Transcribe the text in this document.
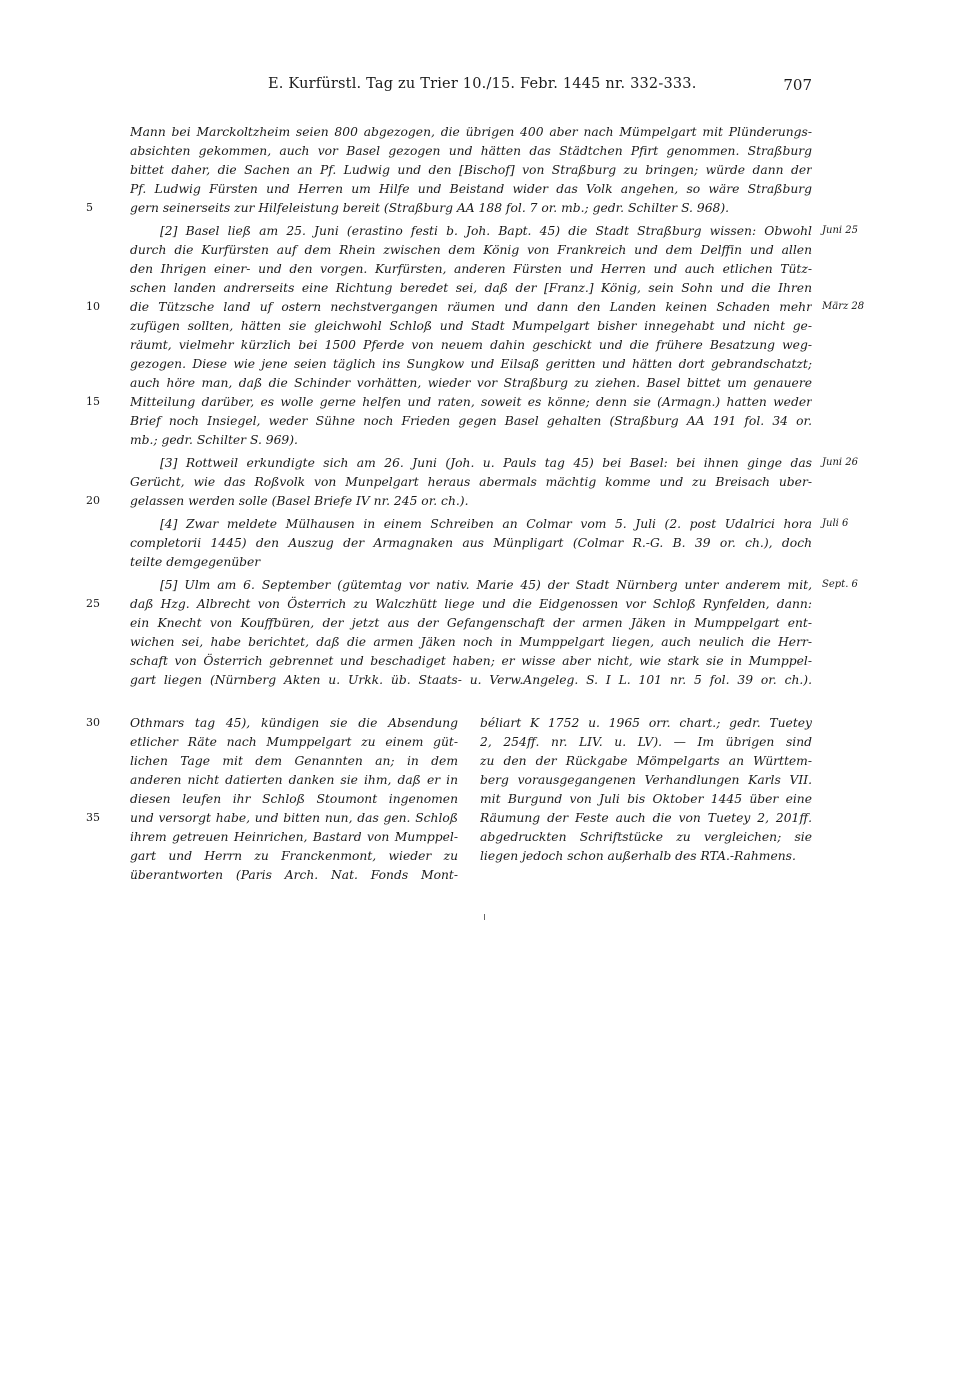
E. Kurfürstl. Tag zu Trier 10./15. Febr. 1445 nr. 332-333.	707
Mann bei Marckoltzheim seien 800 abgezogen, die übrigen 400 aber nach Mümpelgart mit Plünderungs-
absichten gekommen, auch vor Basel gezogen und hätten das Städtchen Pfirt genommen. Straßburg
bittet daher, die Sachen an Pf. Ludwig und den [Bischof] von Straßburg zu bringen; würde dann der
Pf. Ludwig Fürsten und Herren um Hilfe und Beistand wider das Volk angehen, so wäre Straßburg
gern seinerseits zur Hilfeleistung bereit (Straßburg AA 188 fol. 7 or. mb.; gedr. Schilter S. 968).
[2] Basel ließ am 25. Juni (erastino festi b. Joh. Bapt. 45) die Stadt Straßburg wissen: Obwohl
durch die Kurfürsten auf dem Rhein zwischen dem König von Frankreich und dem Delffin und allen
den Ihrigen einer- und den vorgen. Kurfürsten, anderen Fürsten und Herren und auch etlichen Tütz-
schen landen andrerseits eine Richtung beredet sei, daß der [Franz.] König, sein Sohn und die Ihren
die Tützsche land uf ostern nechstvergangen räumen und dann den Landen keinen Schaden mehr
zufügen sollten, hätten sie gleichwohl Schloß und Stadt Mumpelgart bisher innegehabt und nicht ge-
räumt, vielmehr kürzlich bei 1500 Pferde von neuem dahin geschickt und die frühere Besatzung weg-
gezogen. Diese wie jene seien täglich ins Sungkow und Eilsaß geritten und hätten dort gebrandschatzt;
auch höre man, daß die Schinder vorhätten, wieder vor Straßburg zu ziehen. Basel bittet um genauere
Mitteilung darüber, es wolle gerne helfen und raten, soweit es könne; denn sie (Armagn.) hatten weder
Brief noch Insiegel, weder Sühne noch Frieden gegen Basel gehalten (Straßburg AA 191 fol. 34 or.
mb.; gedr. Schilter S. 969).
[3] Rottweil erkundigte sich am 26. Juni (Joh. u. Pauls tag 45) bei Basel: bei ihnen ginge das
Gerücht, wie das Roßvolk von Munpelgart heraus abermals mächtig komme und zu Breisach uber-
gelassen werden solle (Basel Briefe IV nr. 245 or. ch.).
[4] Zwar meldete Mülhausen in einem Schreiben an Colmar vom 5. Juli (2. post Udalrici hora
completorii 1445) den Auszug der Armagnaken aus Münpligart (Colmar R.-G. B. 39 or. ch.), doch
teilte demgegenüber
[5] Ulm am 6. September (gütemtag vor nativ. Marie 45) der Stadt Nürnberg unter anderem mit,
daß Hzg. Albrecht von Österrich zu Walczhütt liege und die Eidgenossen vor Schloß Rynfelden, dann:
ein Knecht von Kouffbüren, der jetzt aus der Gefangenschaft der armen Jäken in Mumppelgart ent-
wichen sei, habe berichtet, daß die armen Jäken noch in Mumppelgart liegen, auch neulich die Herr-
schaft von Österrich gebrennet und beschadiget haben; er wisse aber nicht, wie stark sie in Mumppel-
gart liegen (Nürnberg Akten u. Urkk. üb. Staats- u. Verw.Angeleg. S. I L. 101 nr. 5 fol. 39 or. ch.).
5
10
15
20
25
30
35
Juni 25
März 28
Juni 26
Juli 6
Sept. 6
Othmars tag 45), kündigen sie die Absendung
etlicher Räte nach Mumppelgart zu einem güt-
lichen Tage mit dem Genannten an; in dem
anderen nicht datierten danken sie ihm, daß er in
diesen leufen ihr Schloß Stoumont ingenomen
und versorgt habe, und bitten nun, das gen. Schloß
ihrem getreuen Heinrichen, Bastard von Mumppel-
gart und Herrn zu Franckenmont, wieder zu
überantworten (Paris Arch. Nat. Fonds Mont-
béliart K 1752 u. 1965 orr. chart.; gedr. Tuetey
2, 254ff. nr. LIV. u. LV). — Im übrigen sind
zu den der Rückgabe Mömpelgarts an Württem-
berg vorausgegangenen Verhandlungen Karls VII.
mit Burgund von Juli bis Oktober 1445 über eine
Räumung der Feste auch die von Tuetey 2, 201ff.
abgedruckten Schriftstücke zu vergleichen; sie
liegen jedoch schon außerhalb des RTA.-Rahmens.
